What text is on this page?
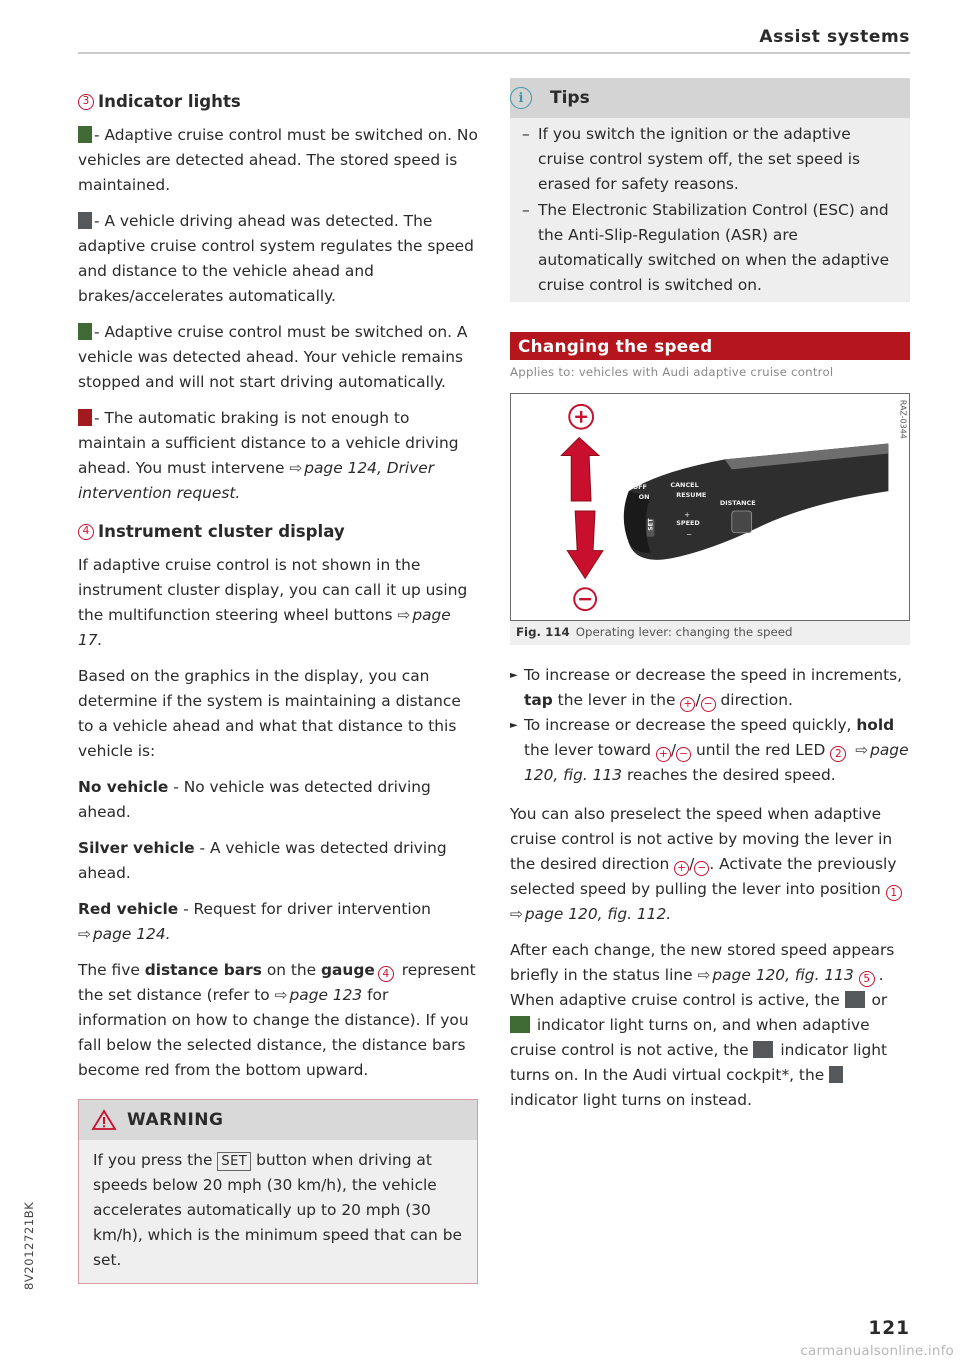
Assist systems
3 Indicator lights

- Adaptive cruise control must be switched on. No vehicles are detected ahead. The stored speed is maintained.

- A vehicle driving ahead was detected. The adaptive cruise control system regulates the speed and distance to the vehicle ahead and brakes/accelerates automatically.

- Adaptive cruise control must be switched on. A vehicle was detected ahead. Your vehicle remains stopped and will not start driving automatically.

- The automatic braking is not enough to maintain a sufficient distance to a vehicle driving ahead. You must intervene ⇨ page 124, Driver intervention request.

4 Instrument cluster display

If adaptive cruise control is not shown in the instrument cluster display, you can call it up using the multifunction steering wheel buttons ⇨ page 17.

Based on the graphics in the display, you can determine if the system is maintaining a distance to a vehicle ahead and what that distance to this vehicle is:

No vehicle - No vehicle was detected driving ahead.

Silver vehicle - A vehicle was detected driving ahead.

Red vehicle - Request for driver intervention ⇨ page 124.

The five distance bars on the gauge 4 represent the set distance (refer to ⇨ page 123 for information on how to change the distance). If you fall below the selected distance, the distance bars become red from the bottom upward.

WARNING

If you press the SET button when driving at speeds below 20 mph (30 km/h), the vehicle accelerates automatically up to 20 mph (30 km/h), which is the minimum speed that can be set.

i	Tips
– If you switch the ignition or the adaptive cruise control system off, the set speed is erased for safety reasons.
– The Electronic Stabilization Control (ESC) and the Anti-Slip-Regulation (ASR) are automatically switched on when the adaptive cruise control is switched on.
Changing the speed
Applies to: vehicles with Audi adaptive cruise control
OFF
ON
CANCEL
RESUME
DISTANCE
SPEED
SET
+
−
RAZ-0344
Fig. 114 Operating lever: changing the speed
► To increase or decrease the speed in increments, tap the lever in the + / − direction.
► To increase or decrease the speed quickly, hold the lever toward + / − until the red LED 2 ⇨ page 120, fig. 113 reaches the desired speed.

You can also preselect the speed when adaptive cruise control is not active by moving the lever in the desired direction + / − . Activate the previously selected speed by pulling the lever into position 1 ⇨ page 120, fig. 112.

After each change, the new stored speed appears briefly in the status line ⇨ page 120, fig. 113 5 . When adaptive cruise control is active, the  or  indicator light turns on, and when adaptive cruise control is not active, the  indicator light turns on. In the Audi virtual cockpit*, the  indicator light turns on instead.

8V2012721BK
121
carmanualsonline.info
